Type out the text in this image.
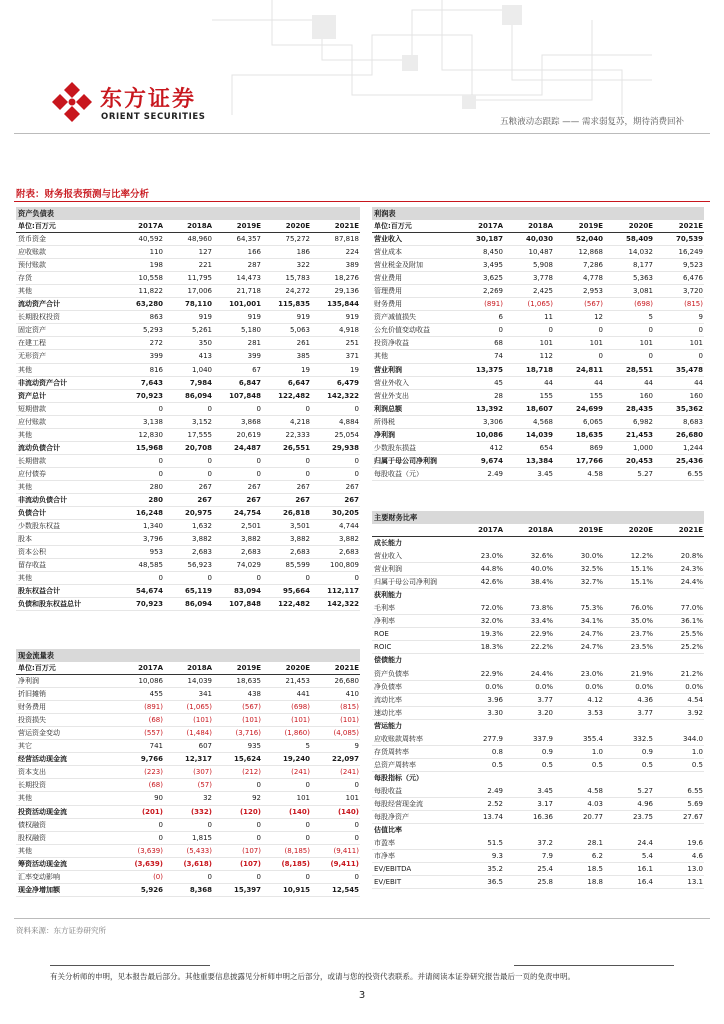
东方证券
ORIENT SECURITIES	五粮液动态跟踪 —— 需求弱复苏，期待消费回补
附表：财务报表预测与比率分析
资产负债表
单位:百万元	2017A	2018A	2019E	2020E	2021E
货币资金	40,592	48,960	64,357	75,272	87,818
应收账款	110	127	166	186	224
预付账款	198	221	287	322	389
存货	10,558	11,795	14,473	15,783	18,276
其他	11,822	17,006	21,718	24,272	29,136
流动资产合计	63,280	78,110	101,001	115,835	135,844
长期股权投资	863	919	919	919	919
固定资产	5,293	5,261	5,180	5,063	4,918
在建工程	272	350	281	261	251
无形资产	399	413	399	385	371
其他	816	1,040	67	19	19
非流动资产合计	7,643	7,984	6,847	6,647	6,479
资产总计	70,923	86,094	107,848	122,482	142,322
短期借款	0	0	0	0	0
应付账款	3,138	3,152	3,868	4,218	4,884
其他	12,830	17,555	20,619	22,333	25,054
流动负债合计	15,968	20,708	24,487	26,551	29,938
长期借款	0	0	0	0	0
应付债券	0	0	0	0	0
其他	280	267	267	267	267
非流动负债合计	280	267	267	267	267
负债合计	16,248	20,975	24,754	26,818	30,205
少数股东权益	1,340	1,632	2,501	3,501	4,744
股本	3,796	3,882	3,882	3,882	3,882
资本公积	953	2,683	2,683	2,683	2,683
留存收益	48,585	56,923	74,029	85,599	100,809
其他	0	0	0	0	0
股东权益合计	54,674	65,119	83,094	95,664	112,117
负债和股东权益总计	70,923	86,094	107,848	122,482	142,322
现金流量表
单位:百万元	2017A	2018A	2019E	2020E	2021E
净利润	10,086	14,039	18,635	21,453	26,680
折旧摊销	455	341	438	441	410
财务费用	(891)	(1,065)	(567)	(698)	(815)
投资损失	(68)	(101)	(101)	(101)	(101)
营运资金变动	(557)	(1,484)	(3,716)	(1,860)	(4,085)
其它	741	607	935	5	9
经营活动现金流	9,766	12,317	15,624	19,240	22,097
资本支出	(223)	(307)	(212)	(241)	(241)
长期投资	(68)	(57)	0	0	0
其他	90	32	92	101	101
投资活动现金流	(201)	(332)	(120)	(140)	(140)
债权融资	0	0	0	0	0
股权融资	0	1,815	0	0	0
其他	(3,639)	(5,433)	(107)	(8,185)	(9,411)
筹资活动现金流	(3,639)	(3,618)	(107)	(8,185)	(9,411)
汇率变动影响	(0)	0	0	0	0
现金净增加额	5,926	8,368	15,397	10,915	12,545
利润表
单位:百万元	2017A	2018A	2019E	2020E	2021E
营业收入	30,187	40,030	52,040	58,409	70,539
营业成本	8,450	10,487	12,868	14,032	16,249
营业税金及附加	3,495	5,908	7,286	8,177	9,523
营业费用	3,625	3,778	4,778	5,363	6,476
管理费用	2,269	2,425	2,953	3,081	3,720
财务费用	(891)	(1,065)	(567)	(698)	(815)
资产减值损失	6	11	12	5	9
公允价值变动收益	0	0	0	0	0
投资净收益	68	101	101	101	101
其他	74	112	0	0	0
营业利润	13,375	18,718	24,811	28,551	35,478
营业外收入	45	44	44	44	44
营业外支出	28	155	155	160	160
利润总额	13,392	18,607	24,699	28,435	35,362
所得税	3,306	4,568	6,065	6,982	8,683
净利润	10,086	14,039	18,635	21,453	26,680
少数股东损益	412	654	869	1,000	1,244
归属于母公司净利润	9,674	13,384	17,766	20,453	25,436
每股收益（元）	2.49	3.45	4.58	5.27	6.55
主要财务比率
2017A	2018A	2019E	2020E	2021E
成长能力
营业收入	23.0%	32.6%	30.0%	12.2%	20.8%
营业利润	44.8%	40.0%	32.5%	15.1%	24.3%
归属于母公司净利润	42.6%	38.4%	32.7%	15.1%	24.4%
获利能力
毛利率	72.0%	73.8%	75.3%	76.0%	77.0%
净利率	32.0%	33.4%	34.1%	35.0%	36.1%
ROE	19.3%	22.9%	24.7%	23.7%	25.5%
ROIC	18.3%	22.2%	24.7%	23.5%	25.2%
偿债能力
资产负债率	22.9%	24.4%	23.0%	21.9%	21.2%
净负债率	0.0%	0.0%	0.0%	0.0%	0.0%
流动比率	3.96	3.77	4.12	4.36	4.54
速动比率	3.30	3.20	3.53	3.77	3.92
营运能力
应收账款周转率	277.9	337.9	355.4	332.5	344.0
存货周转率	0.8	0.9	1.0	0.9	1.0
总资产周转率	0.5	0.5	0.5	0.5	0.5
每股指标（元）
每股收益	2.49	3.45	4.58	5.27	6.55
每股经营现金流	2.52	3.17	4.03	4.96	5.69
每股净资产	13.74	16.36	20.77	23.75	27.67
估值比率
市盈率	51.5	37.2	28.1	24.4	19.6
市净率	9.3	7.9	6.2	5.4	4.6
EV/EBITDA	35.2	25.4	18.5	16.1	13.0
EV/EBIT	36.5	25.8	18.8	16.4	13.1
资料来源：东方证券研究所
有关分析师的申明，见本报告最后部分。其他重要信息披露见分析师申明之后部分，或请与您的投资代表联系。并请阅读本证券研究报告最后一页的免责申明。
3
